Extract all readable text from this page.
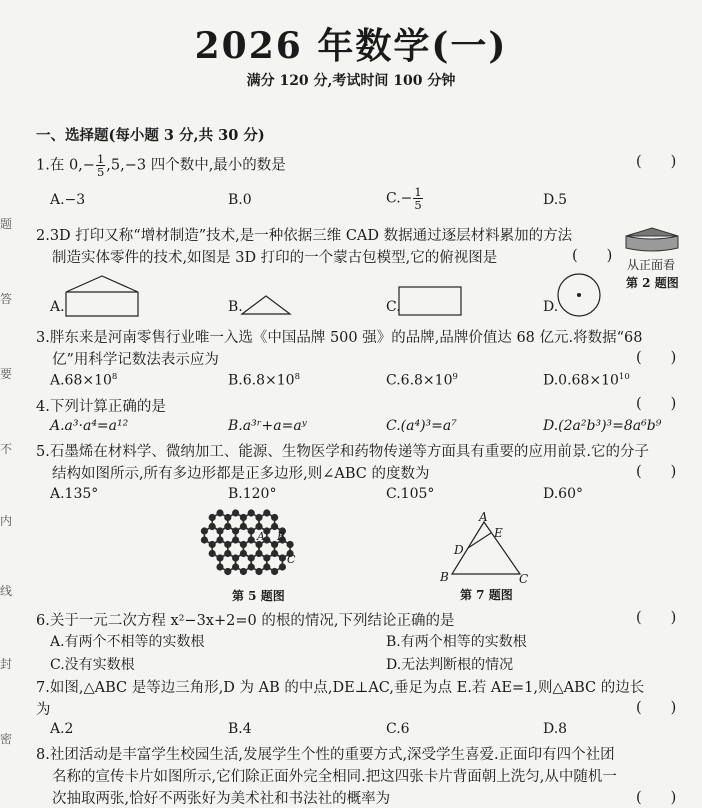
题
答
要
不
内
线
封
密
2026 年数学(一)
满分 120 分,考试时间 100 分钟
一、选择题(每小题 3 分,共 30 分)
1.在 $0,- \frac{1}{5} ,5,-3$ 四个数中,最小的数是	(　　)
A.−3	B.0	$C.- \frac{1}{5}$	D.5
2.3D 打印又称“增材制造”技术,是一种依据三维 CAD 数据通过逐层材料累加的方法
制造实体零件的技术,如图是 3D 打印的一个蒙古包模型,它的俯视图是	(　　)
从正面看
第 2 题图
A.	B.	C.	D.
3.胖东来是河南零售行业唯一入选《中国品牌 500 强》的品牌,品牌价值达 68 亿元.将数据“68
亿”用科学记数法表示应为	(　　)
$A.68\times 10^8$	$B.6.8\times 10^8$	$C.6.8\times 10^9$	$D.0.68\times 10^{10}$
4.下列计算正确的是	(　　)
A.a³·a⁴=a¹²	B.a³ʳ+a=aʸ	C.(a⁴)³=a⁷	D.(2a²b³)³=8a⁶b⁹
5.石墨烯在材料学、微纳加工、能源、生物医学和药物传递等方面具有重要的应用前景.它的分子
结构如图所示,所有多边形都是正多边形,则∠ABC 的度数为	(　　)
A.135°	B.120°	C.105°	D.60°
A B
C
第 5 题图
A
E
D
B	C
第 7 题图
6.关于一元二次方程 x²−3x+2=0 的根的情况,下列结论正确的是	(　　)
A.有两个不相等的实数根	B.有两个相等的实数根
C.没有实数根	D.无法判断根的情况
7.如图,△ABC 是等边三角形,D 为 AB 的中点,DE⊥AC,垂足为点 E.若 AE=1,则△ABC 的边长
为	(　　)
A.2	B.4	C.6	D.8
8.社团活动是丰富学生校园生活,发展学生个性的重要方式,深受学生喜爱.正面印有四个社团
名称的宣传卡片如图所示,它们除正面外完全相同.把这四张卡片背面朝上洗匀,从中随机一
次抽取两张,恰好不两张好为美术社和书法社的概率为	(　　)
